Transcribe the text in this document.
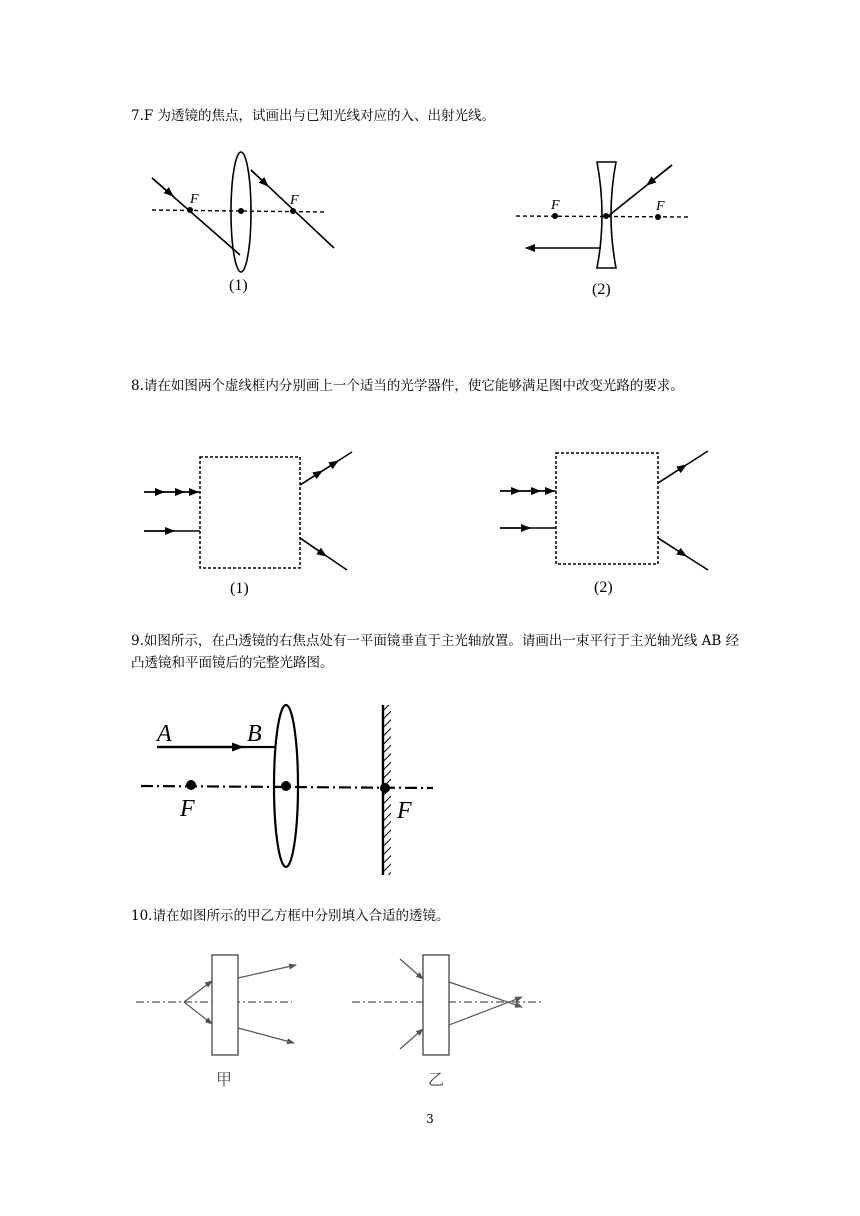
7.F 为透镜的焦点，试画出与已知光线对应的入、出射光线。
F	F
(1)
F	F
(2)
8.请在如图两个虚线框内分别画上一个适当的光学器件，使它能够满足图中改变光路的要求。
(1)	(2)
9.如图所示，在凸透镜的右焦点处有一平面镜垂直于主光轴放置。请画出一束平行于主光轴光线 AB 经凸透镜和平面镜后的完整光路图。
A	B
F	F
10.请在如图所示的甲乙方框中分别填入合适的透镜。
甲	乙
3
